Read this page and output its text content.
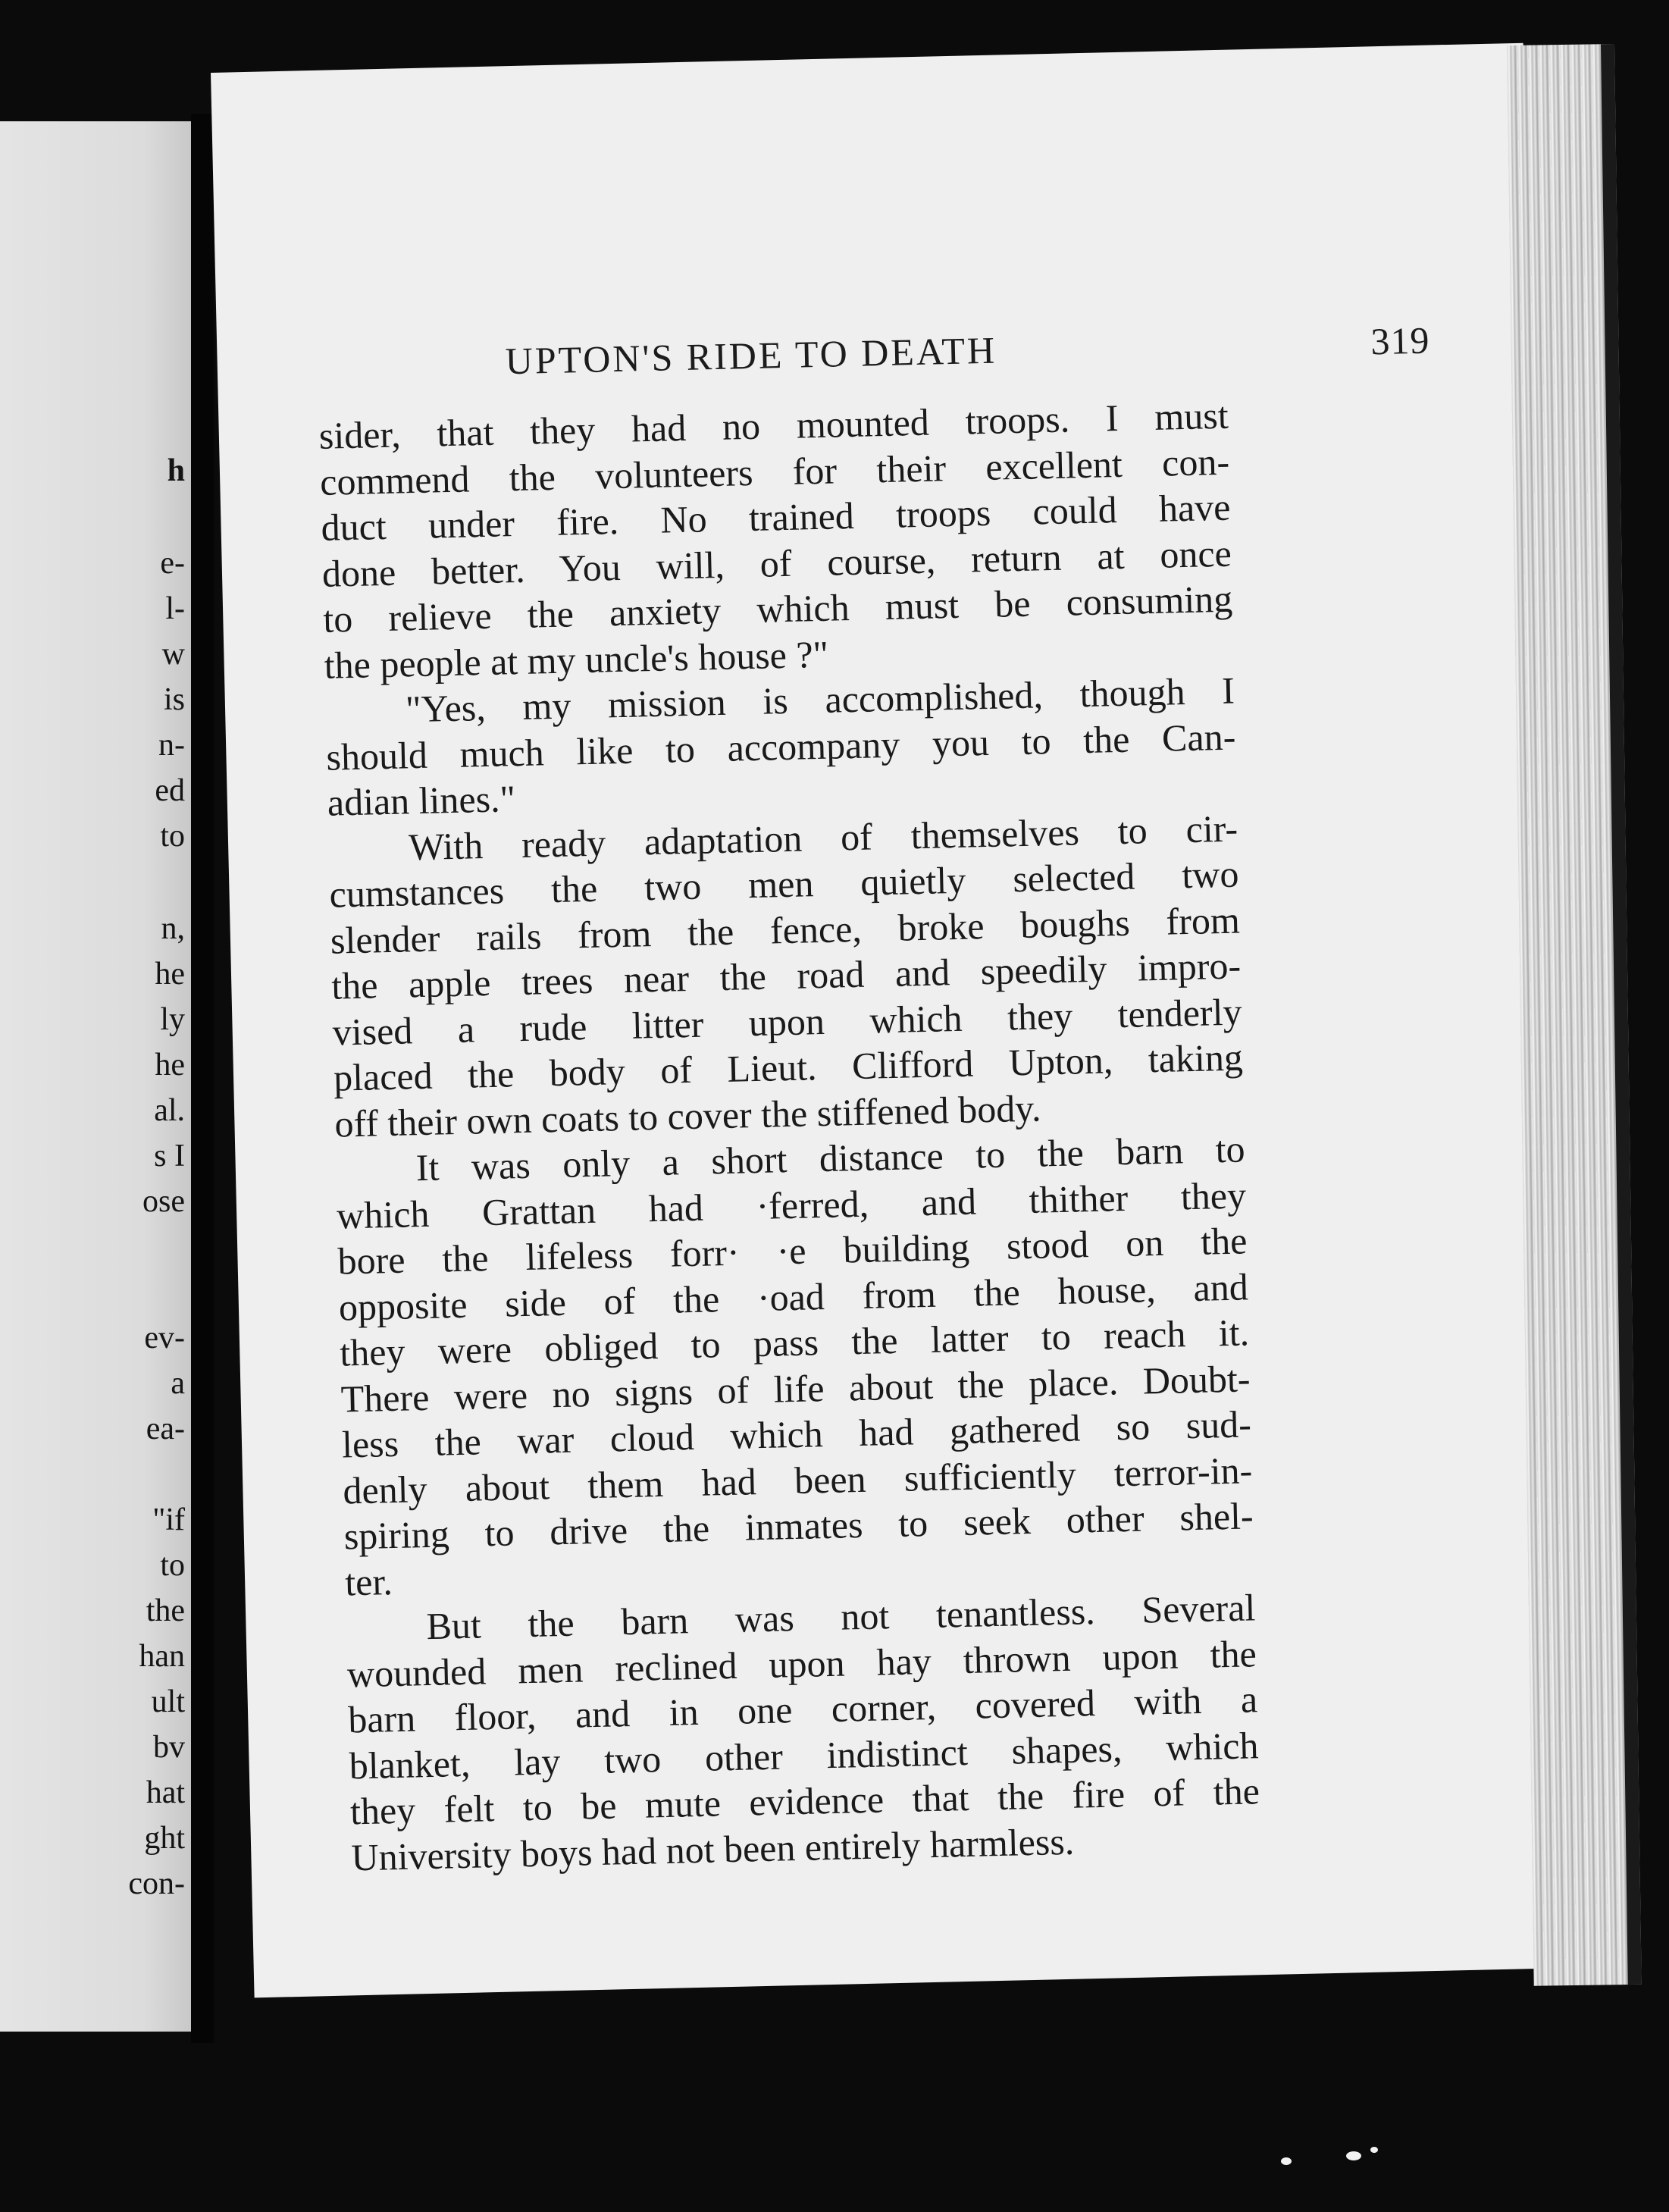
h
e-
l-
w
is
n-
ed
to
n,
he
ly
he
al.
s I
ose
ev-
a
ea-
"if
to
the
han
ult
bv
hat
ght
con-
UPTON'S RIDE TO DEATH	319
sider, that they had no mounted troops. I must
commend the volunteers for their excellent con-
duct under fire. No trained troops could have
done better. You will, of course, return at once
to relieve the anxiety which must be consuming
the people at my uncle's house ?"
"Yes, my mission is accomplished, though I
should much like to accompany you to the Can-
adian lines."
With ready adaptation of themselves to cir-
cumstances the two men quietly selected two
slender rails from the fence, broke boughs from
the apple trees near the road and speedily impro-
vised a rude litter upon which they tenderly
placed the body of Lieut. Clifford Upton, taking
off their own coats to cover the stiffened body.
It was only a short distance to the barn to
which Grattan had ·ferred, and thither they
bore the lifeless forr· ·e building stood on the
opposite side of the ·oad from the house, and
they were obliged to pass the latter to reach it.
There were no signs of life about the place. Doubt-
less the war cloud which had gathered so sud-
denly about them had been sufficiently terror-in-
spiring to drive the inmates to seek other shel-
ter.
But the barn was not tenantless. Several
wounded men reclined upon hay thrown upon the
barn floor, and in one corner, covered with a
blanket, lay two other indistinct shapes, which
they felt to be mute evidence that the fire of the
University boys had not been entirely harmless.
